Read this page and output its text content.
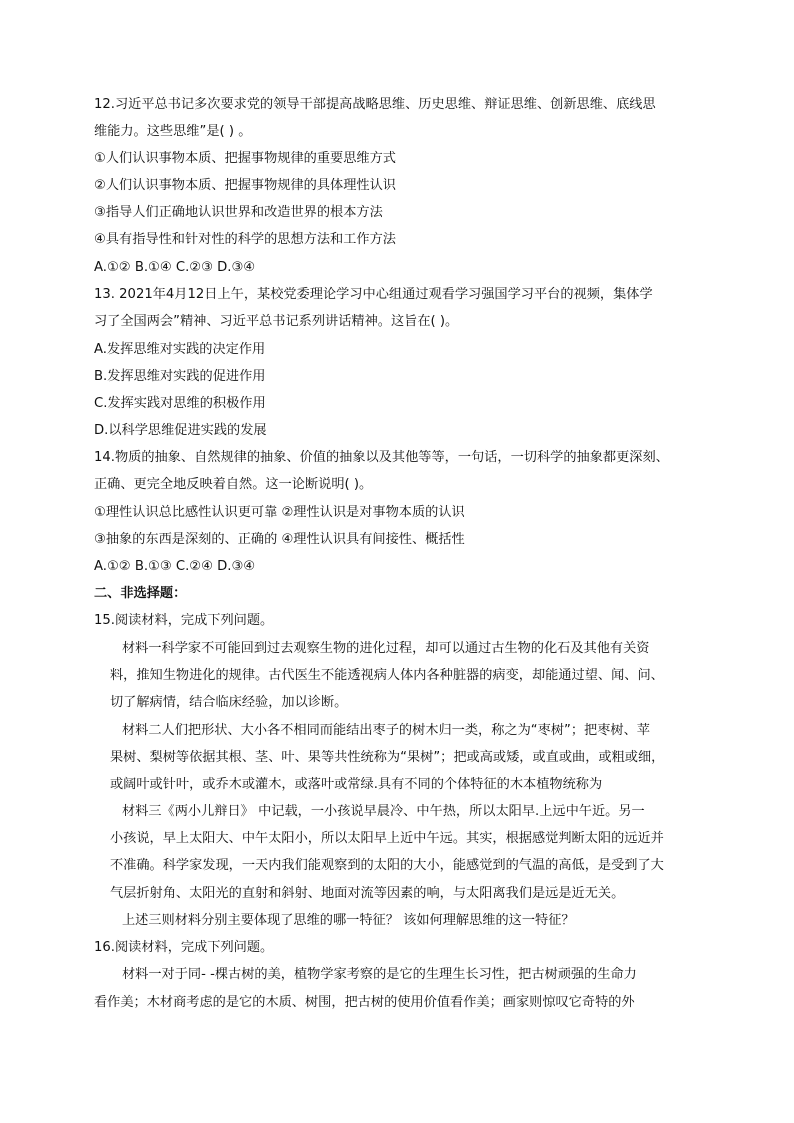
12.习近平总书记多次要求党的领导干部提高战略思维、历史思维、辩证思维、创新思维、底线思
维能力。这些思维”是( ) 。
①人们认识事物本质、把握事物规律的重要思维方式
②人们认识事物本质、把握事物规律的具体理性认识
③指导人们正确地认识世界和改造世界的根本方法
④具有指导性和针对性的科学的思想方法和工作方法
A.①② B.①④ C.②③ D.③④
13. 2021年4月12日上午，某校党委理论学习中心组通过观看学习强国学习平台的视频，集体学
习了全国两会”精神、习近平总书记系列讲话精神。这旨在( )。
A.发挥思维对实践的决定作用
B.发挥思维对实践的促进作用
C.发挥实践对思维的积极作用
D.以科学思维促进实践的发展
14.物质的抽象、自然规律的抽象、价值的抽象以及其他等等，一句话，一切科学的抽象都更深刻、
正确、更完全地反映着自然。这一论断说明( )。
①理性认识总比感性认识更可靠 ②理性认识是对事物本质的认识
③抽象的东西是深刻的、正确的 ④理性认识具有间接性、概括性
A.①② B.①③ C.②④ D.③④
二、非选择题：
15.阅读材料，完成下列问题。
材料一科学家不可能回到过去观察生物的进化过程，却可以通过古生物的化石及其他有关资
料，推知生物进化的规律。古代医生不能透视病人体内各种脏器的病变，却能通过望、闻、问、
切了解病情，结合临床经验，加以诊断。
材料二人们把形状、大小各不相同而能结出枣子的树木归一类，称之为“枣树”；把枣树、苹
果树、梨树等依据其根、茎、叶、果等共性统称为“果树”；把或高或矮，或直或曲，或粗或细，
或阔叶或针叶，或乔木或灌木，或落叶或常绿.具有不同的个体特征的木本植物统称为
材料三《两小儿辩日》 中记载，一小孩说早晨冷、中午热，所以太阳早.上远中午近。另一
小孩说，早上太阳大、中午太阳小，所以太阳早上近中午远。其实，根据感觉判断太阳的远近并
不准确。科学家发现，一天内我们能观察到的太阳的大小，能感觉到的气温的高低，是受到了大
气层折射角、太阳光的直射和斜射、地面对流等因素的响，与太阳离我们是远是近无关。
上述三则材料分别主要体现了思维的哪一特征？ 该如何理解思维的这一特征？
16.阅读材料，完成下列问题。
材料一对于同- -棵古树的美，植物学家考察的是它的生理生长习性，把古树顽强的生命力
看作美；木材商考虑的是它的木质、树围，把古树的使用价值看作美；画家则惊叹它奇特的外
